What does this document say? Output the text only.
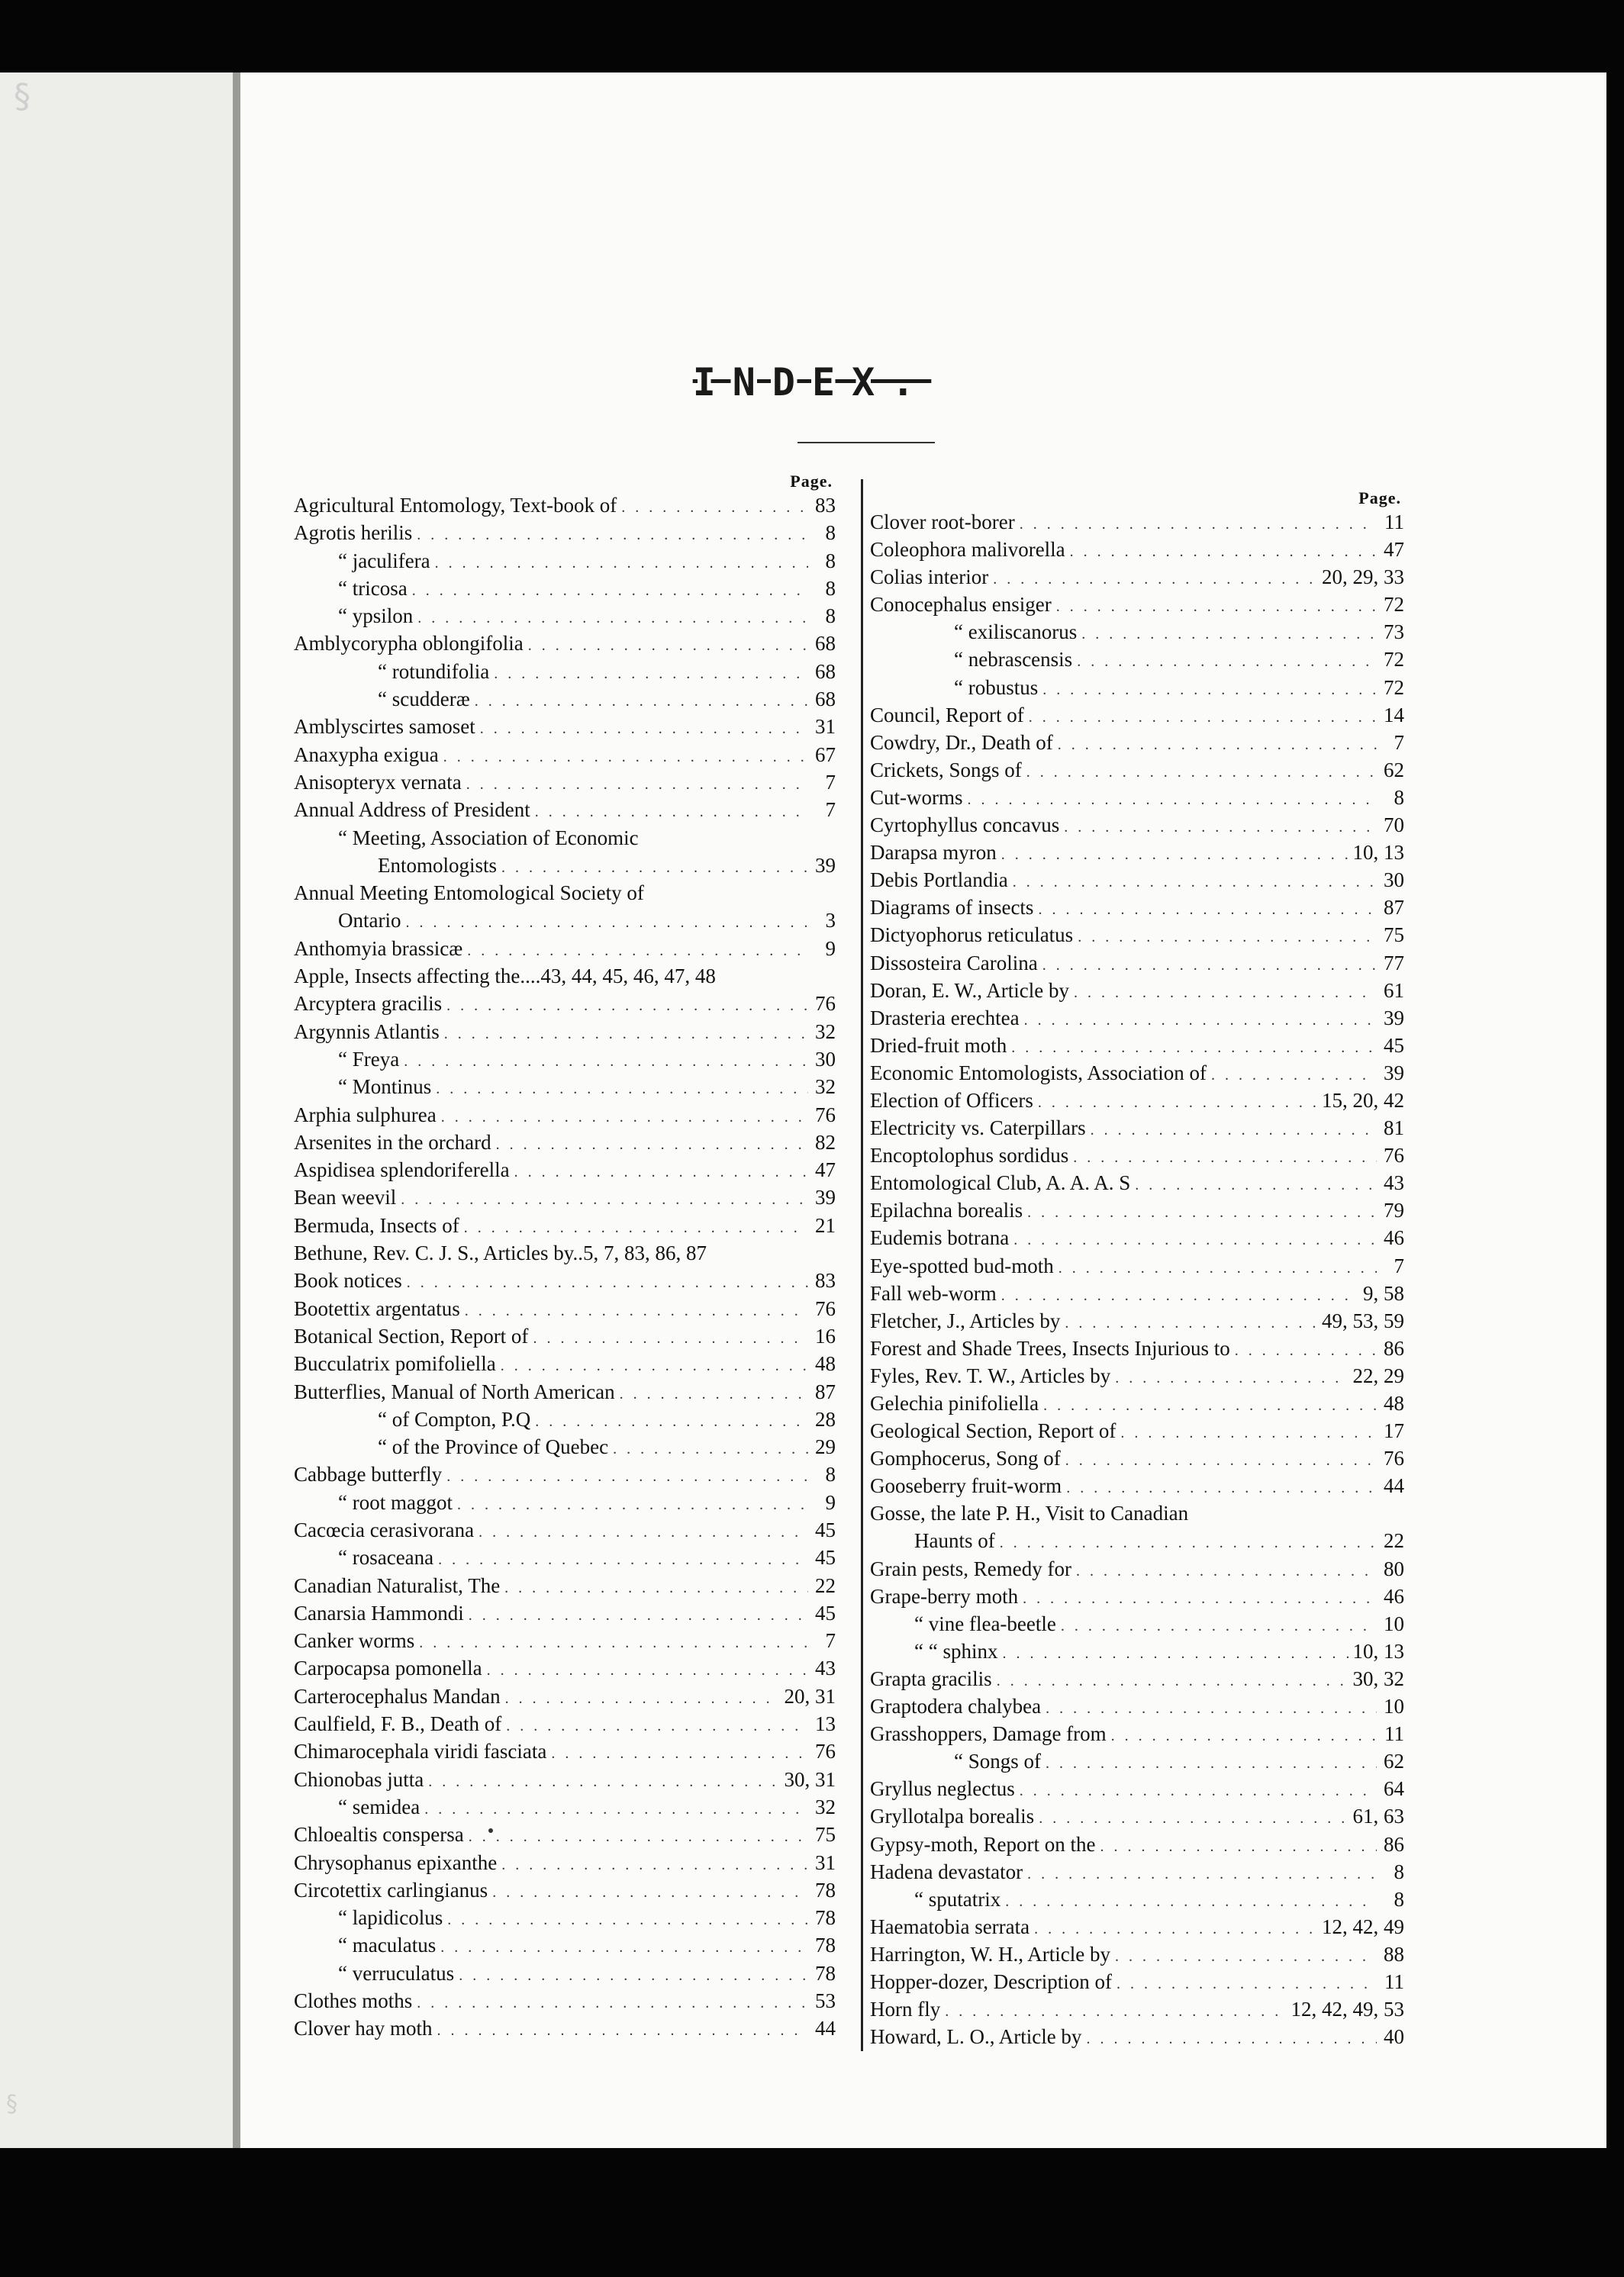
§
§
INDEX.
Page.
Agricultural Entomology, Text-book of . . .	83
Agrotis herilis . . .	8
“ jaculifera . . .	8
“ tricosa . . .	8
“ ypsilon . . .	8
Amblycorypha oblongifolia . . .	68
“ rotundifolia . . .	68
“ scudderæ . . .	68
Amblyscirtes samoset . . .	31
Anaxypha exigua . . .	67
Anisopteryx vernata . . .	7
Annual Address of President . . .	7
“ Meeting, Association of Economic
Entomologists . . .	39
Annual Meeting Entomological Society of
Ontario . . .	3
Anthomyia brassicæ . . .	9
Apple, Insects affecting the....43, 44, 45, 46, 47, 48
Arcyptera gracilis . . .	76
Argynnis Atlantis . . .	32
“ Freya . . .	30
“ Montinus . . .	32
Arphia sulphurea . . .	76
Arsenites in the orchard . . .	82
Aspidisea splendoriferella . . .	47
Bean weevil . . .	39
Bermuda, Insects of . . .	21
Bethune, Rev. C. J. S., Articles by..5, 7, 83, 86, 87
Book notices . . .	83
Bootettix argentatus . . .	76
Botanical Section, Report of . . .	16
Bucculatrix pomifoliella . . .	48
Butterflies, Manual of North American . . .	87
“ of Compton, P.Q . . .	28
“ of the Province of Quebec . . .	29
Cabbage butterfly . . .	8
“ root maggot . . .	9
Cacœcia cerasivorana . . .	45
“ rosaceana . . .	45
Canadian Naturalist, The . . .	22
Canarsia Hammondi . . .	45
Canker worms . . .	7
Carpocapsa pomonella . . .	43
Carterocephalus Mandan . . .	20, 31
Caulfield, F. B., Death of . . .	13
Chimarocephala viridi fasciata . . .	76
Chionobas jutta . . .	30, 31
“ semidea . . .	32
Chloealtis conspersa . . .	75
Chrysophanus epixanthe . . .	31
Circotettix carlingianus . . .	78
“ lapidicolus . . .	78
“ maculatus . . .	78
“ verruculatus . . .	78
Clothes moths . . .	53
Clover hay moth . . .	44
Page.
Clover root-borer . . .	11
Coleophora malivorella . . .	47
Colias interior . . .	20, 29, 33
Conocephalus ensiger . . .	72
“ exiliscanorus . . .	73
“ nebrascensis . . .	72
“ robustus . . .	72
Council, Report of . . .	14
Cowdry, Dr., Death of . . .	7
Crickets, Songs of . . .	62
Cut-worms . . .	8
Cyrtophyllus concavus . . .	70
Darapsa myron . . .	10, 13
Debis Portlandia . . .	30
Diagrams of insects . . .	87
Dictyophorus reticulatus . . .	75
Dissosteira Carolina . . .	77
Doran, E. W., Article by . . .	61
Drasteria erechtea . . .	39
Dried-fruit moth . . .	45
Economic Entomologists, Association of . . .	39
Election of Officers . . .	15, 20, 42
Electricity vs. Caterpillars . . .	81
Encoptolophus sordidus . . .	76
Entomological Club, A. A. A. S . . .	43
Epilachna borealis . . .	79
Eudemis botrana . . .	46
Eye-spotted bud-moth . . .	7
Fall web-worm . . .	9, 58
Fletcher, J., Articles by . . .	49, 53, 59
Forest and Shade Trees, Insects Injurious to . . .	86
Fyles, Rev. T. W., Articles by . . .	22, 29
Gelechia pinifoliella . . .	48
Geological Section, Report of . . .	17
Gomphocerus, Song of . . .	76
Gooseberry fruit-worm . . .	44
Gosse, the late P. H., Visit to Canadian
Haunts of . . .	22
Grain pests, Remedy for . . .	80
Grape-berry moth . . .	46
“ vine flea-beetle . . .	10
“ “ sphinx . . .	10, 13
Grapta gracilis . . .	30, 32
Graptodera chalybea . . .	10
Grasshoppers, Damage from . . .	11
“ Songs of . . .	62
Gryllus neglectus . . .	64
Gryllotalpa borealis . . .	61, 63
Gypsy-moth, Report on the . . .	86
Hadena devastator . . .	8
“ sputatrix . . .	8
Haematobia serrata . . .	12, 42, 49
Harrington, W. H., Article by . . .	88
Hopper-dozer, Description of . . .	11
Horn fly . . .	12, 42, 49, 53
Howard, L. O., Article by . . .	40
